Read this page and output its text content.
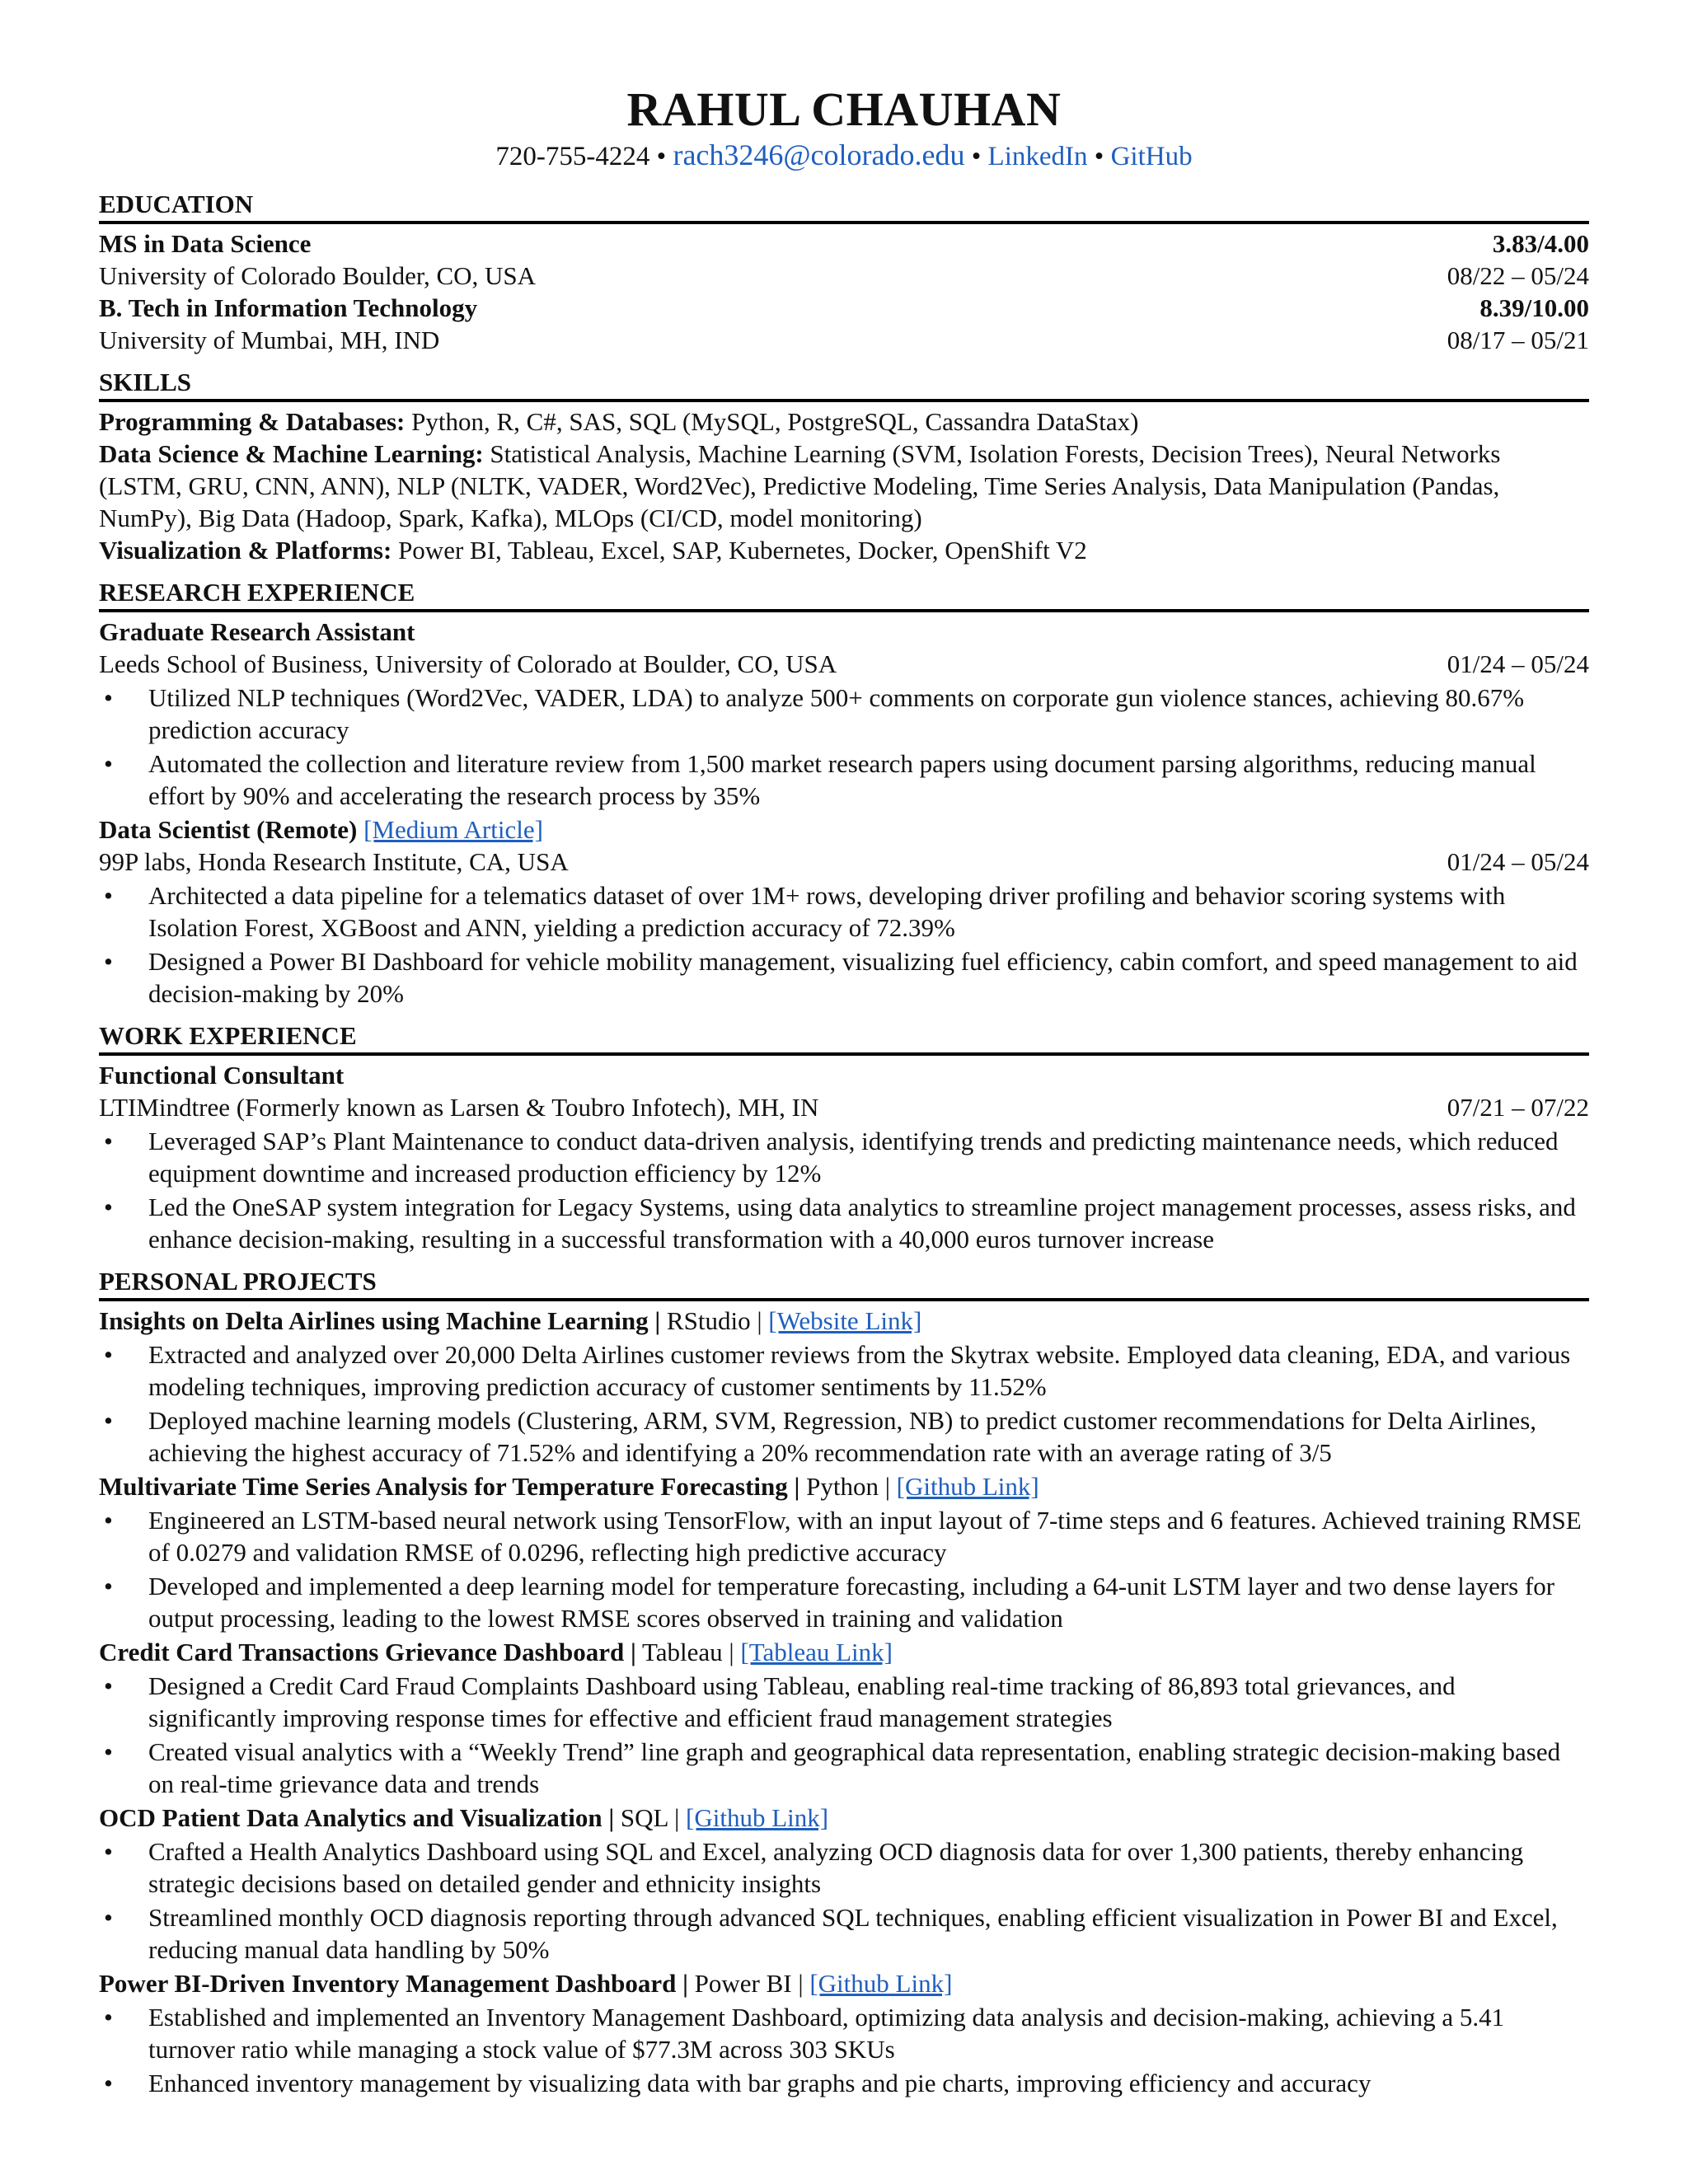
RAHUL CHAUHAN
720-755-4224 • rach3246@colorado.edu • LinkedIn • GitHub
EDUCATION
MS in Data Science	3.83/4.00
University of Colorado Boulder, CO, USA	08/22 – 05/24
B. Tech in Information Technology	8.39/10.00
University of Mumbai, MH, IND	08/17 – 05/21
SKILLS
Programming & Databases: Python, R, C#, SAS, SQL (MySQL, PostgreSQL, Cassandra DataStax)
Data Science & Machine Learning: Statistical Analysis, Machine Learning (SVM, Isolation Forests, Decision Trees), Neural Networks (LSTM, GRU, CNN, ANN), NLP (NLTK, VADER, Word2Vec), Predictive Modeling, Time Series Analysis, Data Manipulation (Pandas, NumPy), Big Data (Hadoop, Spark, Kafka), MLOps (CI/CD, model monitoring)
Visualization & Platforms: Power BI, Tableau, Excel, SAP, Kubernetes, Docker, OpenShift V2
RESEARCH EXPERIENCE
Graduate Research Assistant
Leeds School of Business, University of Colorado at Boulder, CO, USA	01/24 – 05/24
• Utilized NLP techniques (Word2Vec, VADER, LDA) to analyze 500+ comments on corporate gun violence stances, achieving 80.67% prediction accuracy
• Automated the collection and literature review from 1,500 market research papers using document parsing algorithms, reducing manual effort by 90% and accelerating the research process by 35%
Data Scientist (Remote) [Medium Article]
99P labs, Honda Research Institute, CA, USA	01/24 – 05/24
• Architected a data pipeline for a telematics dataset of over 1M+ rows, developing driver profiling and behavior scoring systems with Isolation Forest, XGBoost and ANN, yielding a prediction accuracy of 72.39%
• Designed a Power BI Dashboard for vehicle mobility management, visualizing fuel efficiency, cabin comfort, and speed management to aid decision-making by 20%
WORK EXPERIENCE
Functional Consultant
LTIMindtree (Formerly known as Larsen & Toubro Infotech), MH, IN	07/21 – 07/22
• Leveraged SAP’s Plant Maintenance to conduct data-driven analysis, identifying trends and predicting maintenance needs, which reduced equipment downtime and increased production efficiency by 12%
• Led the OneSAP system integration for Legacy Systems, using data analytics to streamline project management processes, assess risks, and enhance decision-making, resulting in a successful transformation with a 40,000 euros turnover increase
PERSONAL PROJECTS
Insights on Delta Airlines using Machine Learning | RStudio | [Website Link]
• Extracted and analyzed over 20,000 Delta Airlines customer reviews from the Skytrax website. Employed data cleaning, EDA, and various modeling techniques, improving prediction accuracy of customer sentiments by 11.52%
• Deployed machine learning models (Clustering, ARM, SVM, Regression, NB) to predict customer recommendations for Delta Airlines, achieving the highest accuracy of 71.52% and identifying a 20% recommendation rate with an average rating of 3/5
Multivariate Time Series Analysis for Temperature Forecasting | Python | [Github Link]
• Engineered an LSTM-based neural network using TensorFlow, with an input layout of 7-time steps and 6 features. Achieved training RMSE of 0.0279 and validation RMSE of 0.0296, reflecting high predictive accuracy
• Developed and implemented a deep learning model for temperature forecasting, including a 64-unit LSTM layer and two dense layers for output processing, leading to the lowest RMSE scores observed in training and validation
Credit Card Transactions Grievance Dashboard | Tableau | [Tableau Link]
• Designed a Credit Card Fraud Complaints Dashboard using Tableau, enabling real-time tracking of 86,893 total grievances, and significantly improving response times for effective and efficient fraud management strategies
• Created visual analytics with a “Weekly Trend” line graph and geographical data representation, enabling strategic decision-making based on real-time grievance data and trends
OCD Patient Data Analytics and Visualization | SQL | [Github Link]
• Crafted a Health Analytics Dashboard using SQL and Excel, analyzing OCD diagnosis data for over 1,300 patients, thereby enhancing strategic decisions based on detailed gender and ethnicity insights
• Streamlined monthly OCD diagnosis reporting through advanced SQL techniques, enabling efficient visualization in Power BI and Excel, reducing manual data handling by 50%
Power BI-Driven Inventory Management Dashboard | Power BI | [Github Link]
• Established and implemented an Inventory Management Dashboard, optimizing data analysis and decision-making, achieving a 5.41 turnover ratio while managing a stock value of $77.3M across 303 SKUs
• Enhanced inventory management by visualizing data with bar graphs and pie charts, improving efficiency and accuracy
